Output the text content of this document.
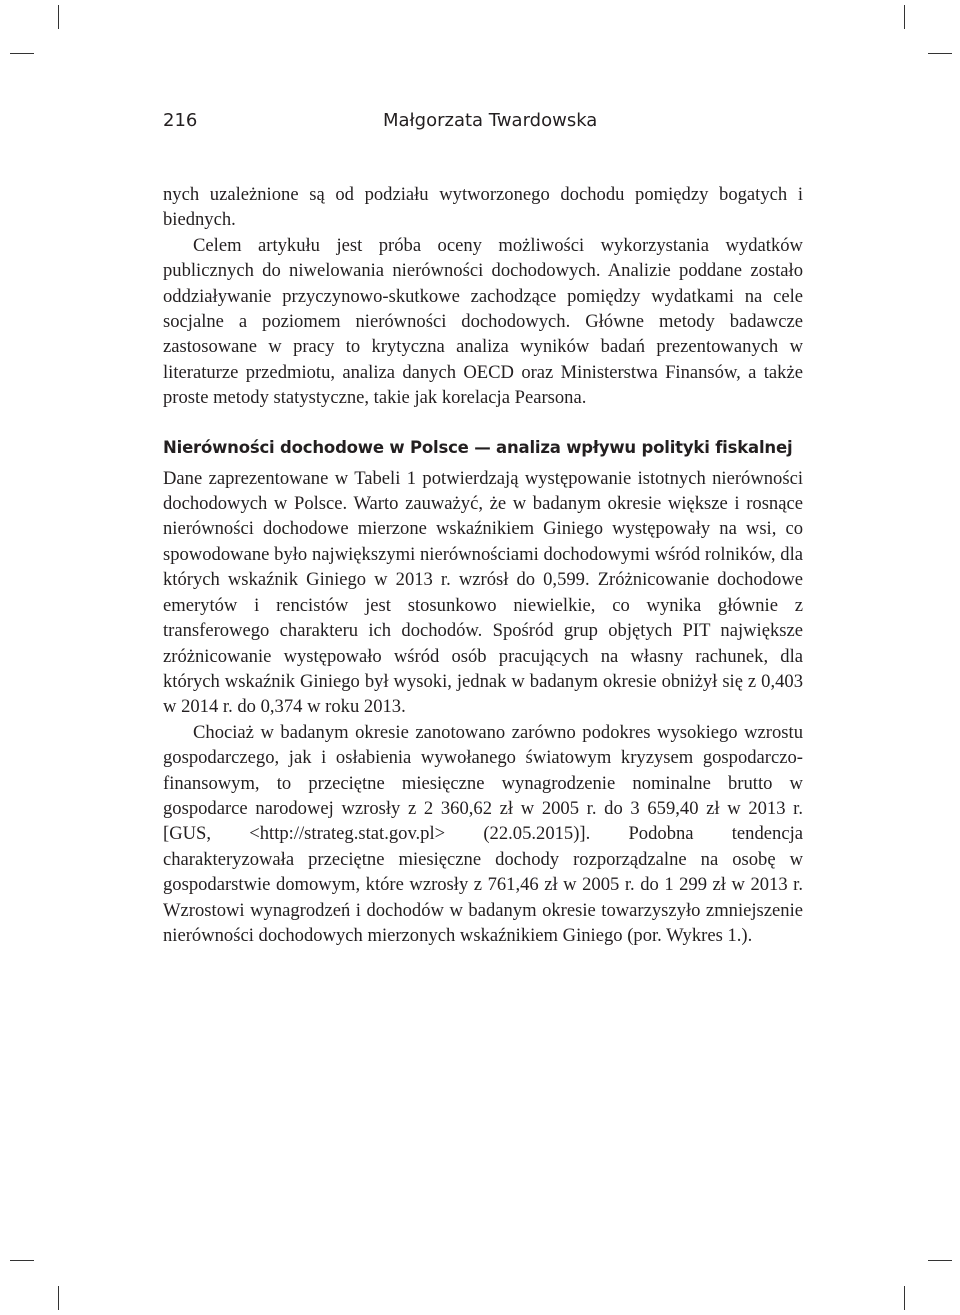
216	Małgorzata Twardowska

nych uzależnione są od podziału wytworzonego dochodu pomiędzy bogatych i biednych.

Celem artykułu jest próba oceny możliwości wykorzystania wydatków publicznych do niwelowania nierówności dochodowych. Analizie poddane zostało oddziaływanie przyczynowo-skutkowe zachodzące pomiędzy wydatkami na cele socjalne a poziomem nierówności dochodowych. Główne metody badawcze zastosowane w pracy to krytyczna analiza wyników badań prezentowanych w literaturze przedmiotu, analiza danych OECD oraz Ministerstwa Finansów, a także proste metody statystyczne, takie jak korelacja Pearsona.

Nierówności dochodowe w Polsce — analiza wpływu polityki fiskalnej

Dane zaprezentowane w Tabeli 1 potwierdzają występowanie istotnych nierówności dochodowych w Polsce. Warto zauważyć, że w badanym okresie większe i rosnące nierówności dochodowe mierzone wskaźnikiem Giniego występowały na wsi, co spowodowane było największymi nierównościami dochodowymi wśród rolników, dla których wskaźnik Giniego w 2013 r. wzrósł do 0,599. Zróżnicowanie dochodowe emerytów i rencistów jest stosunkowo niewielkie, co wynika głównie z transferowego charakteru ich dochodów. Spośród grup objętych PIT największe zróżnicowanie występowało wśród osób pracujących na własny rachunek, dla których wskaźnik Giniego był wysoki, jednak w badanym okresie obniżył się z 0,403 w 2014 r. do 0,374 w roku 2013.

Chociaż w badanym okresie zanotowano zarówno podokres wysokiego wzrostu gospodarczego, jak i osłabienia wywołanego światowym kryzysem gospodarczo-finansowym, to przeciętne miesięczne wynagrodzenie nominalne brutto w gospodarce narodowej wzrosły z 2 360,62 zł w 2005 r. do 3 659,40 zł w 2013 r. [GUS, <http://strateg.stat.gov.pl> (22.05.2015)]. Podobna tendencja charakteryzowała przeciętne miesięczne dochody rozporządzalne na osobę w gospodarstwie domowym, które wzrosły z 761,46 zł w 2005 r. do 1 299 zł w 2013 r. Wzrostowi wynagrodzeń i dochodów w badanym okresie towarzyszyło zmniejszenie nierówności dochodowych mierzonych wskaźnikiem Giniego (por. Wykres 1.).
